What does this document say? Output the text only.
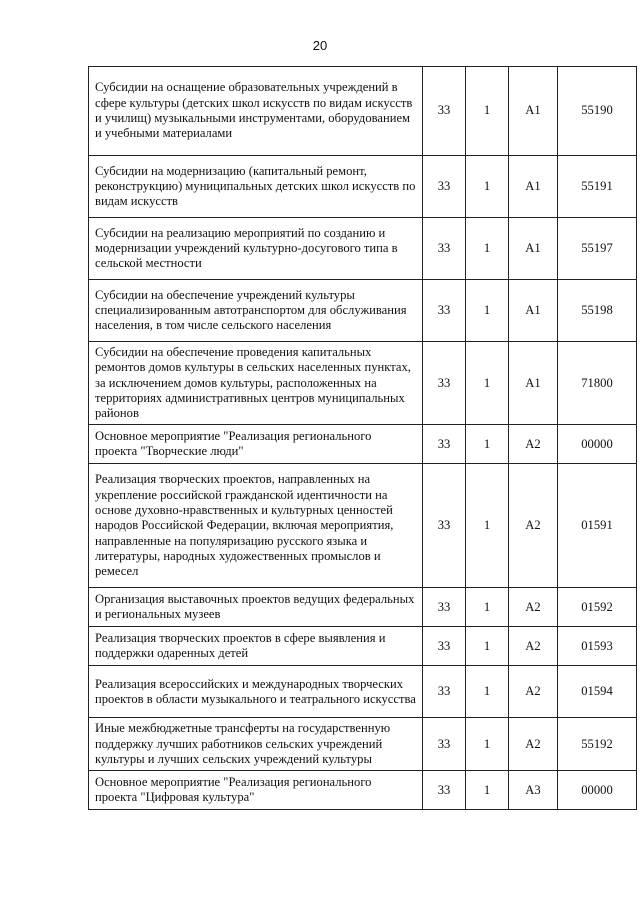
20
Субсидии на оснащение образовательных учреждений в сфере культуры (детских школ искусств по видам искусств и училищ) музыкальными инструментами, оборудованием и учебными материалами	33	1	A1	55190
Субсидии на модернизацию (капитальный ремонт, реконструкцию) муниципальных детских школ искусств по видам искусств	33	1	A1	55191
Субсидии на реализацию мероприятий по созданию и модернизации учреждений культурно-досугового типа в сельской местности	33	1	A1	55197
Субсидии на обеспечение учреждений культуры специализированным автотранспортом для обслуживания населения, в том числе сельского населения	33	1	A1	55198
Субсидии на обеспечение проведения капитальных ремонтов домов культуры в сельских населенных пунктах, за исключением домов культуры, расположенных на территориях административных центров муниципальных районов	33	1	A1	71800
Основное мероприятие "Реализация регионального проекта "Творческие люди"	33	1	A2	00000
Реализация творческих проектов, направленных на укрепление российской гражданской идентичности на основе духовно-нравственных и культурных ценностей народов Российской Федерации, включая мероприятия, направленные на популяризацию русского языка и литературы, народных художественных промыслов и ремесел	33	1	A2	01591
Организация выставочных проектов ведущих федеральных и региональных музеев	33	1	A2	01592
Реализация творческих проектов в сфере выявления и поддержки одаренных детей	33	1	A2	01593
Реализация всероссийских и международных творческих проектов в области музыкального и театрального искусства	33	1	A2	01594
Иные межбюджетные трансферты на государственную поддержку лучших работников сельских учреждений культуры и лучших сельских учреждений культуры	33	1	A2	55192
Основное мероприятие "Реализация регионального проекта "Цифровая культура"	33	1	A3	00000
